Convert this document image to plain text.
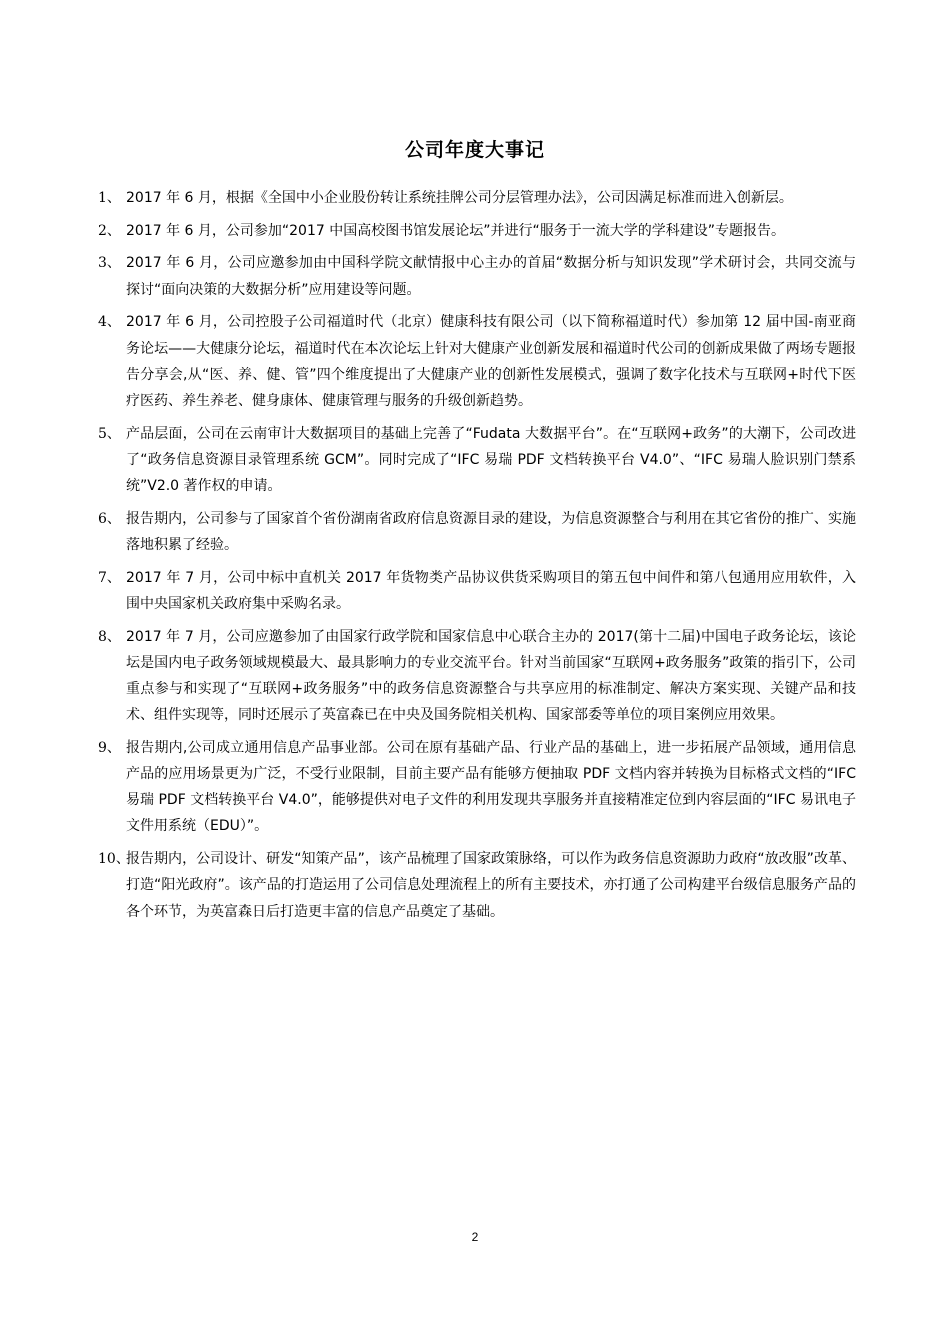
公司年度大事记
1、 2017 年 6 月，根据《全国中小企业股份转让系统挂牌公司分层管理办法》，公司因满足标准而进入创新层。
2、 2017 年 6 月，公司参加“2017 中国高校图书馆发展论坛”并进行“服务于一流大学的学科建设”专题报告。
3、 2017 年 6 月，公司应邀参加由中国科学院文献情报中心主办的首届“数据分析与知识发现”学术研讨会，共同交流与探讨“面向决策的大数据分析”应用建设等问题。
4、 2017 年 6 月，公司控股子公司福道时代（北京）健康科技有限公司（以下简称福道时代）参加第 12 届中国-南亚商务论坛——大健康分论坛，福道时代在本次论坛上针对大健康产业创新发展和福道时代公司的创新成果做了两场专题报告分享会,从“医、养、健、管”四个维度提出了大健康产业的创新性发展模式，强调了数字化技术与互联网+时代下医疗医药、养生养老、健身康体、健康管理与服务的升级创新趋势。
5、 产品层面，公司在云南审计大数据项目的基础上完善了“Fudata 大数据平台”。在“互联网+政务”的大潮下，公司改进了“政务信息资源目录管理系统 GCM”。同时完成了“IFC 易瑞 PDF 文档转换平台 V4.0”、“IFC 易瑞人脸识别门禁系统”V2.0 著作权的申请。
6、 报告期内，公司参与了国家首个省份湖南省政府信息资源目录的建设，为信息资源整合与利用在其它省份的推广、实施落地积累了经验。
7、 2017 年 7 月，公司中标中直机关 2017 年货物类产品协议供货采购项目的第五包中间件和第八包通用应用软件，入围中央国家机关政府集中采购名录。
8、 2017 年 7 月，公司应邀参加了由国家行政学院和国家信息中心联合主办的 2017(第十二届)中国电子政务论坛，该论坛是国内电子政务领域规模最大、最具影响力的专业交流平台。针对当前国家“互联网+政务服务”政策的指引下，公司重点参与和实现了“互联网+政务服务”中的政务信息资源整合与共享应用的标准制定、解决方案实现、关键产品和技术、组件实现等，同时还展示了英富森已在中央及国务院相关机构、国家部委等单位的项目案例应用效果。
9、 报告期内,公司成立通用信息产品事业部。公司在原有基础产品、行业产品的基础上，进一步拓展产品领域，通用信息产品的应用场景更为广泛，不受行业限制，目前主要产品有能够方便抽取 PDF 文档内容并转换为目标格式文档的“IFC 易瑞 PDF 文档转换平台 V4.0”，能够提供对电子文件的利用发现共享服务并直接精准定位到内容层面的“IFC 易讯电子文件用系统（EDU）”。
10、
报告期内，公司设计、研发“知策产品”，该产品梳理了国家政策脉络，可以作为政务信息资源助力政府“放改服”改革、打造“阳光政府”。该产品的打造运用了公司信息处理流程上的所有主要技术，亦打通了公司构建平台级信息服务产品的各个环节，为英富森日后打造更丰富的信息产品奠定了基础。
2
